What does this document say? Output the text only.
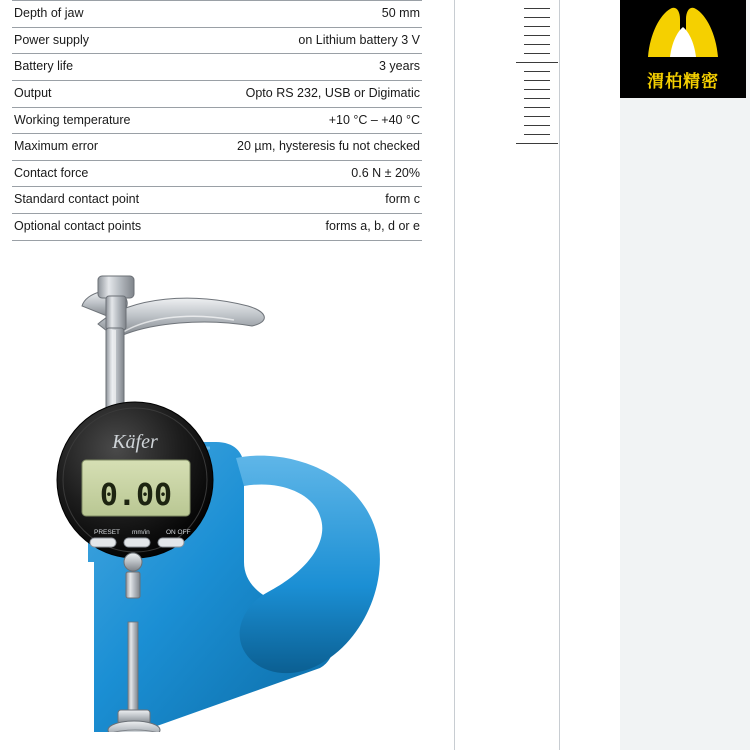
Depth of jaw	50 mm
Power supply	on Lithium battery 3 V
Battery life	3 years
Output	Opto RS 232, USB or Digimatic
Working temperature	+10 °C – +40 °C
Maximum error	20 µm, hysteresis fu not checked
Contact force	0.6 N ± 20%
Standard contact point	form c
Optional contact points	forms a, b, d or e
Käfer
0.00
PRESET mm/in	ON OFF
渭柏精密
